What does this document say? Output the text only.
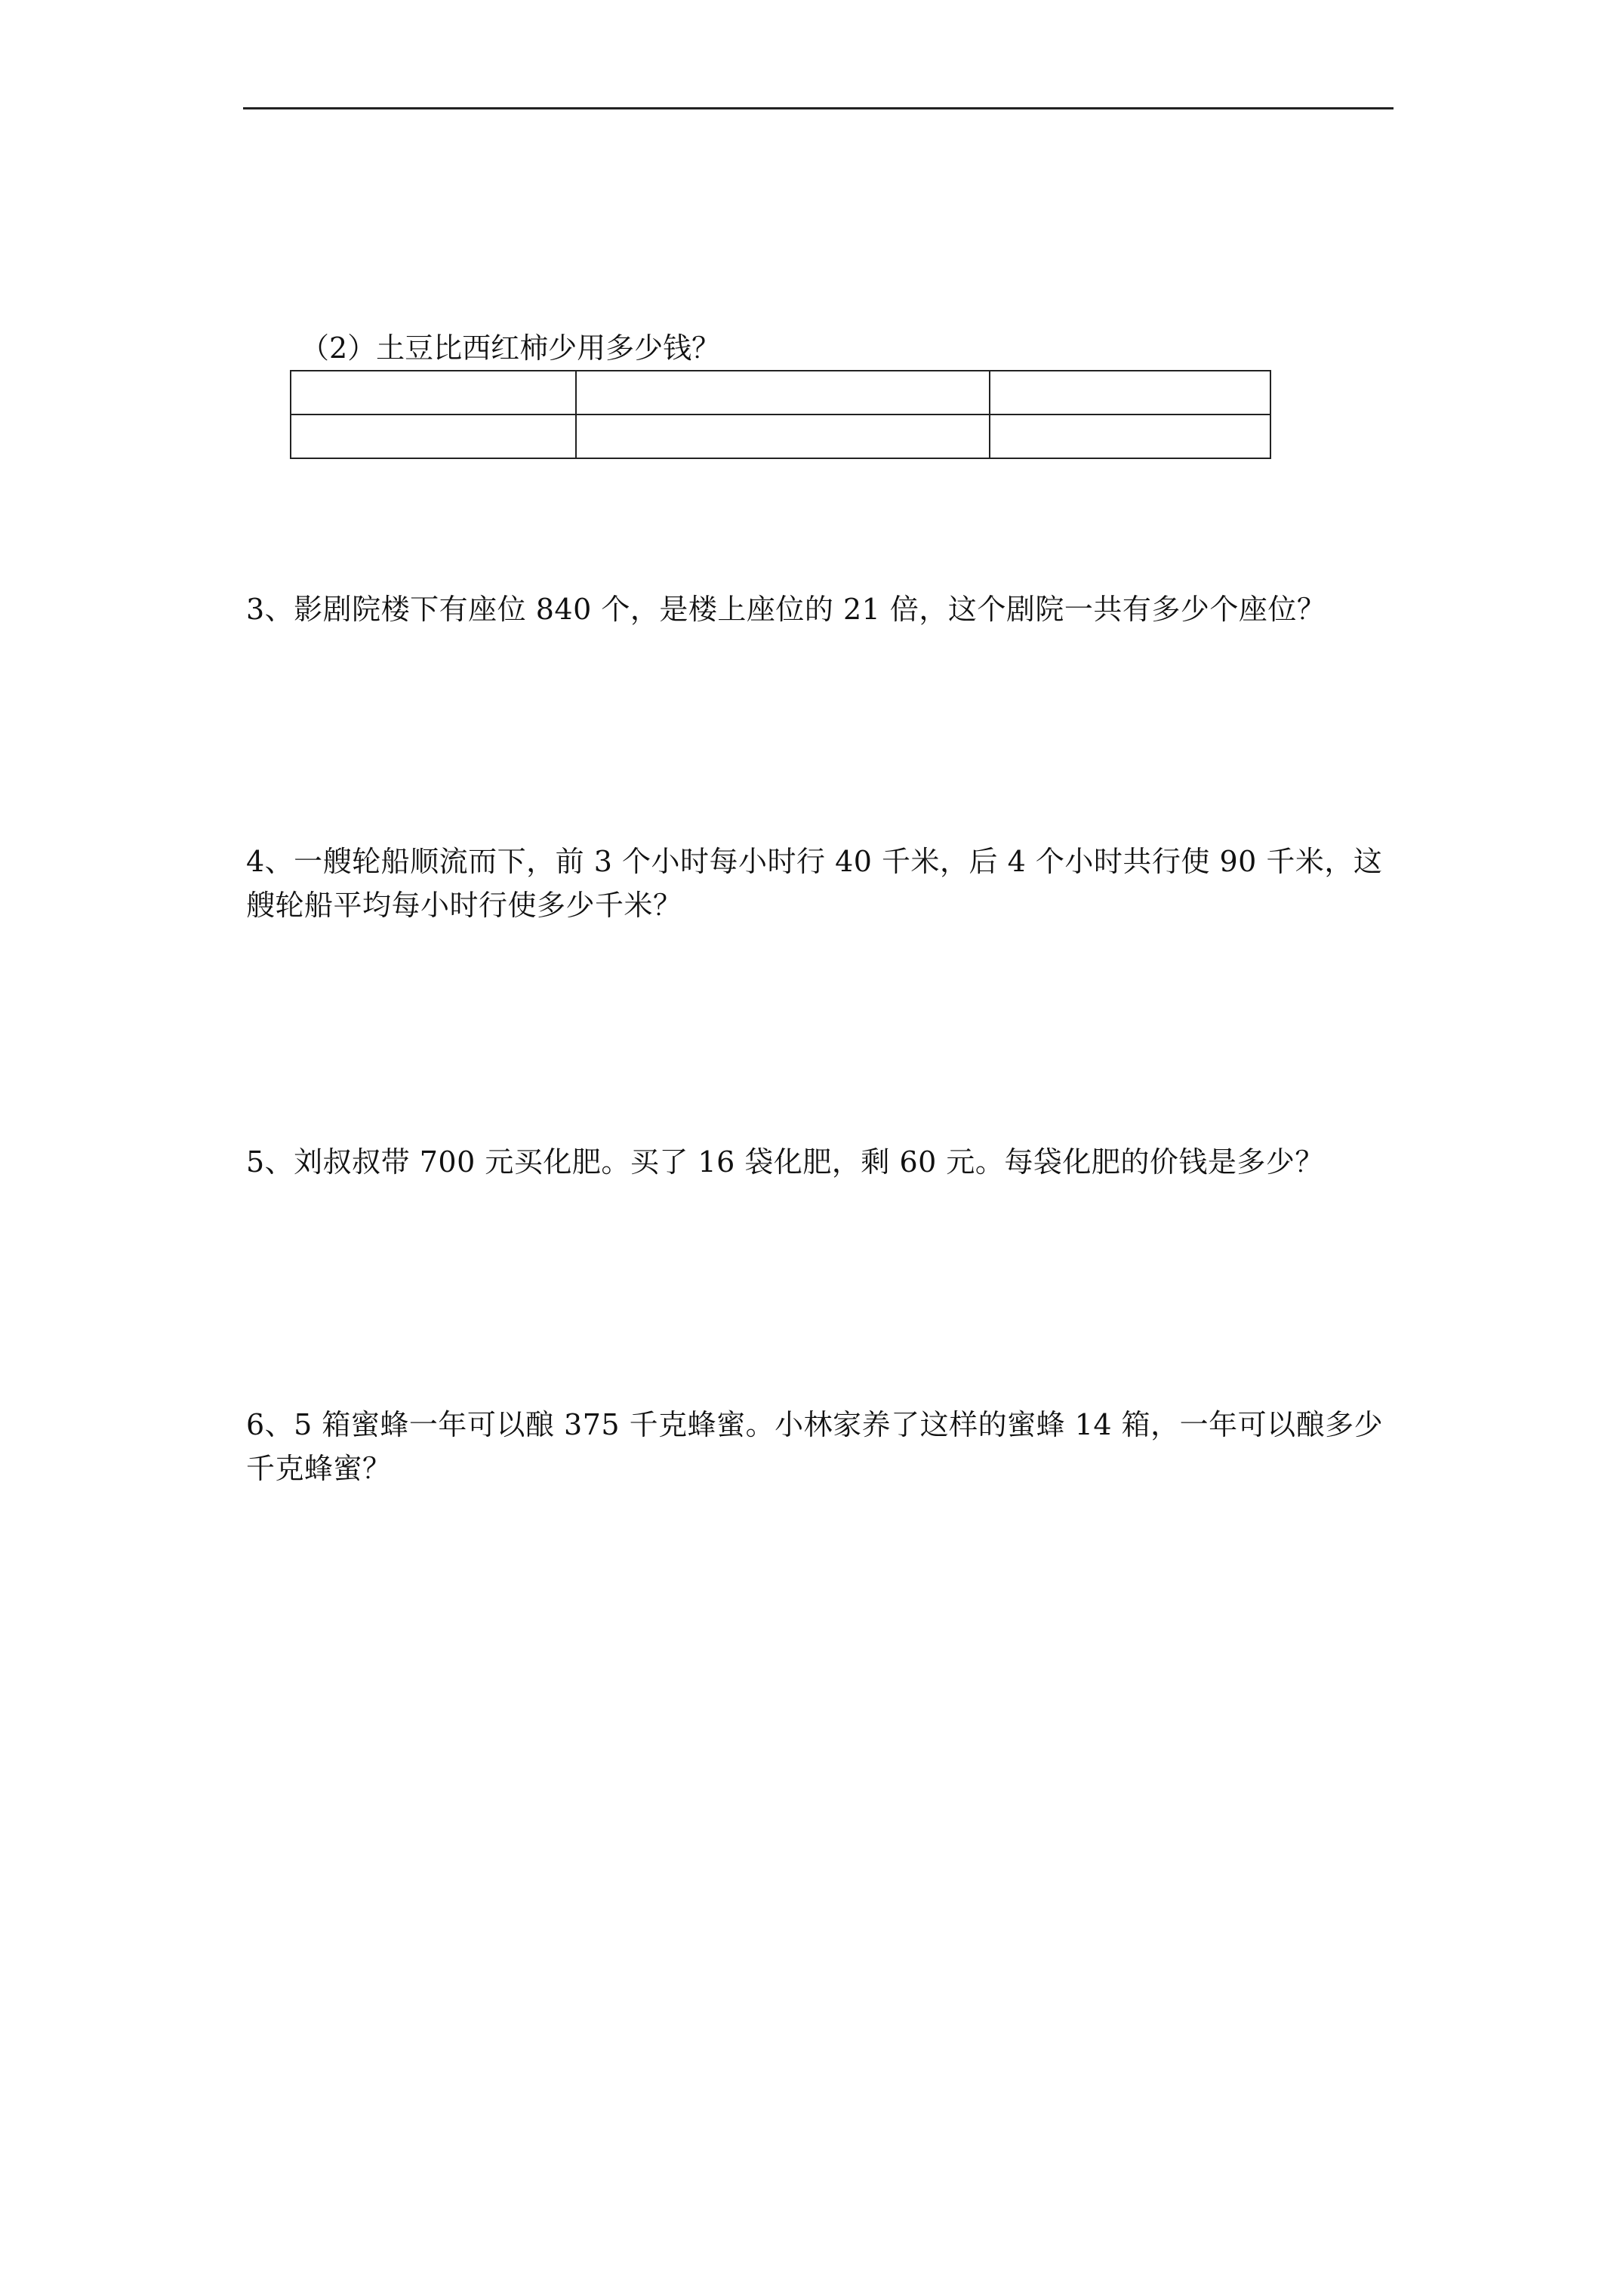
（2）土豆比西红柿少用多少钱？

3、影剧院楼下有座位 840 个，是楼上座位的 21 倍，这个剧院一共有多少个座位？
4、一艘轮船顺流而下，前 3 个小时每小时行 40 千米，后 4 个小时共行使 90 千米，这艘轮船平均每小时行使多少千米？
5、刘叔叔带 700 元买化肥。买了 16 袋化肥，剩 60 元。每袋化肥的价钱是多少？
6、5 箱蜜蜂一年可以酿 375 千克蜂蜜。小林家养了这样的蜜蜂 14 箱，一年可以酿多少千克蜂蜜？
